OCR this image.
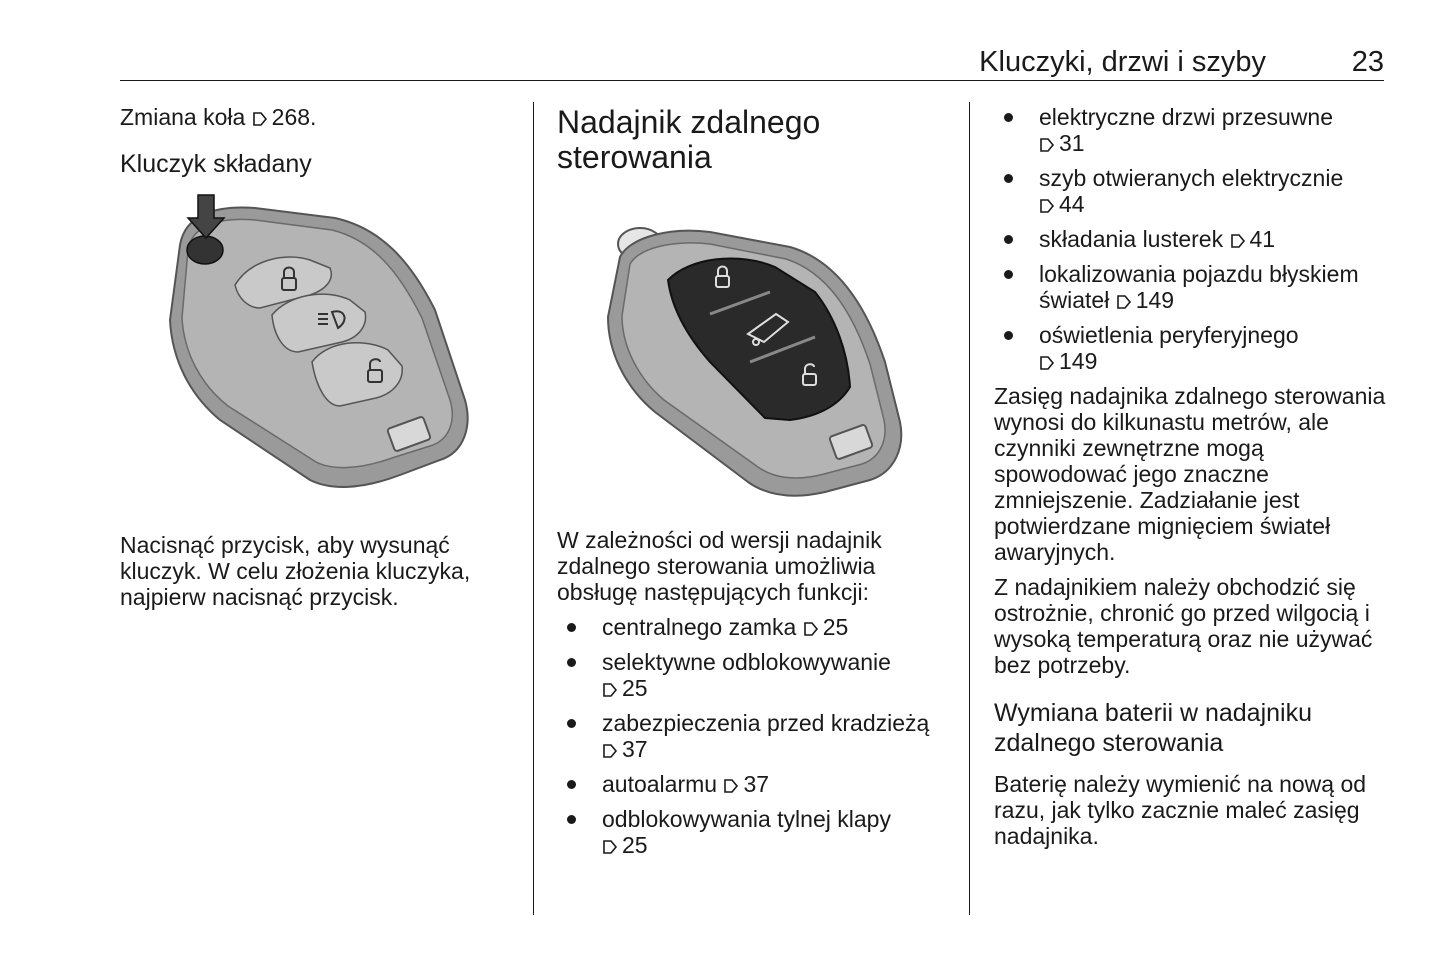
Kluczyki, drzwi i szyby	23

Zmiana koła 268.

Kluczyk składany

Nacisnąć przycisk, aby wysunąć kluczyk. W celu złożenia kluczyka, najpierw nacisnąć przycisk.

Nadajnik zdalnego
sterowania

W zależności od wersji nadajnik zdalnego sterowania umożliwia obsługę następujących funkcji:

centralnego zamka 25
selektywne odblokowywanie
25
zabezpieczenia przed kradzieżą
37
autoalarmu 37
odblokowywania tylnej klapy
25
elektryczne drzwi przesuwne
31
szyb otwieranych elektrycznie
44
składania lusterek 41
lokalizowania pojazdu błyskiem świateł 149
oświetlenia peryferyjnego
149

Zasięg nadajnika zdalnego sterowania wynosi do kilkunastu metrów, ale czynniki zewnętrzne mogą spowodować jego znaczne zmniejszenie. Zadziałanie jest potwierdzane mignięciem świateł awaryjnych.

Z nadajnikiem należy obchodzić się ostrożnie, chronić go przed wilgocią i wysoką temperaturą oraz nie używać bez potrzeby.

Wymiana baterii w nadajniku zdalnego sterowania

Baterię należy wymienić na nową od razu, jak tylko zacznie maleć zasięg nadajnika.
